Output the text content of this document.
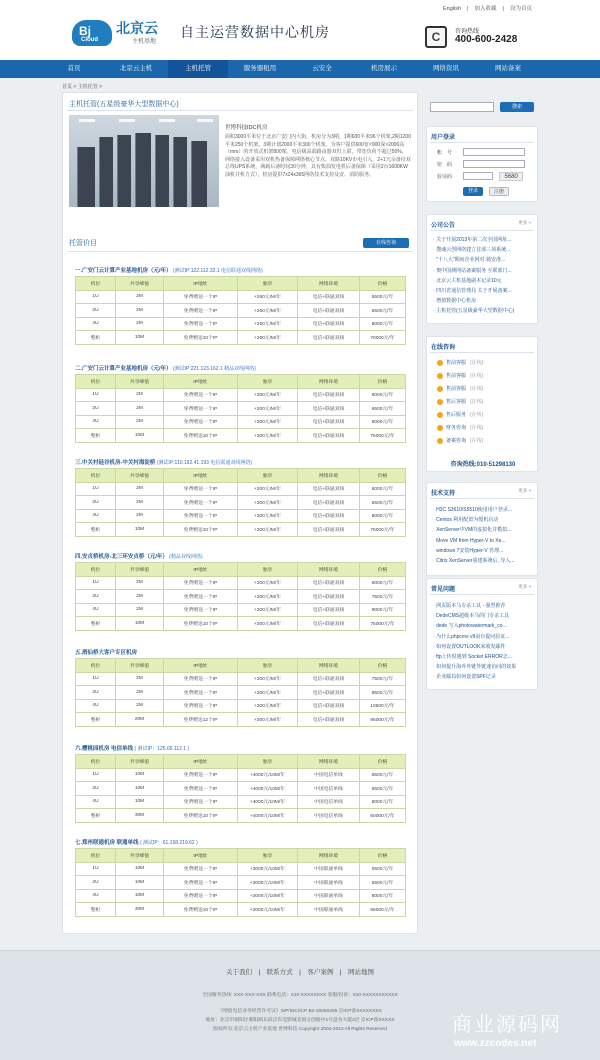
Bj
Cloud
北京云
主机基地
自主运营数据中心机房
English | 加入收藏 | 设为首页
C	咨询热线
400-600-2428
首页	北京云主机	主机托管	服务器租用	云安全	机房展示	网络资讯	网站备案
首页 > 主机托管 >
主机托管(五星级豪华大型数据中心)
世博科技IDC机房
面积3000平米位于北京广安门内大街。机房分为3期，1期600平米96个机架,2期1200平米250个机架，3期计划2000平米300个机架。为客户提供600宽×900深×2000高（mm）的开放式机架800架。电信级高端路由器双归上联，带宽负荷不超过50%，网络接入设备采用双机热备保障网络核心节点。双路10KV市电引入，2+1冗余备份双总线UPS系统，满载后备时间30分钟。具有柴油发电机后备保障（采用2台1600KW油机并机方式），机房提供7x24x365网络技术支持及安、消防服务。
托管价目	在线咨询
一.广安门云计算产业基地机房（元/年） (测试IP:122.112.32.1 电信联通双线网络)
机位	共享峰值	IP地址	独享	网络环境	价格
1U	2M	免费赠送一个IP	+260元/M/年	电信+联通双线	5500元/年
2U	2M	免费赠送一个IP	+260元/M/年	电信+联通双线	6500元/年
4U	2M	免费赠送一个IP	+260元/M/年	电信+联通双线	8000元/年
整柜	10M	免费赠送10个IP	+260元/M/年	电信+联通双线	70000元/年
二.广安门云计算产业基地机房（元/年） (测试IP:221.123.162.1 精品双线网络)
机位	共享峰值	IP地址	独享	网络环境	价格
1U	2M	免费赠送一个IP	+300元/M/年	电信+联通双线	6000元/年
2U	2M	免费赠送一个IP	+300元/M/年	电信+联通双线	6500元/年
4U	2M	免费赠送一个IP	+300元/M/年	电信+联通双线	8000元/年
整柜	10M	免费赠送10个IP	+300元/M/年	电信+联通双线	75000元/年
三.中关村硅谷机房-中关村海淀桥 (测试IP:110.192.41.193 电信联通双线网络)
机位	共享峰值	IP地址	独享	网络环境	价格
1U	2M	免费赠送一个IP	+300元/M/年	电信+联通双线	6000元/年
2U	2M	免费赠送一个IP	+300元/M/年	电信+联通双线	6500元/年
4U	2M	免费赠送一个IP	+300元/M/年	电信+联通双线	8000元/年
整柜	10M	免费赠送10个IP	+300元/M/年	电信+联通双线	75000元/年
四.安贞桥机房-北三环安贞桥（元/年） (精品双线网络)
机位	共享峰值	IP地址	独享	网络环境	价格
1U	2M	免费赠送一个IP	+300元/M/年	电信+联通双线	6000元/年
2U	2M	免费赠送一个IP	+300元/M/年	电信+联通双线	7500元/年
4U	2M	免费赠送一个IP	+300元/M/年	电信+联通双线	9000元/年
整柜	10M	免费赠送10个IP	+300元/M/年	电信+联通双线	75000元/年
五.酒仙桥大客户专区机房
机位	共享峰值	IP地址	独享	网络环境	价格
1U	2M	免费赠送一个IP	+300元/M/年	电信+联通双线	7500元/年
2U	2M	免费赠送一个IP	+300元/M/年	电信+联通双线	8500元/年
4U	2M	免费赠送一个IP	+300元/M/年	电信+联通双线	10500元/年
整柜	20M	免费赠送12个IP	+300元/M/年	电信+联通双线	95000元/年
六.樱桃园机房 电信单线 ( 测试IP：125.65.112.1 )
机位	共享峰值	IP地址	独享	网络环境	价格
1U	10M	免费赠送一个IP	+4000元/10M/年	中国电信单线	5500元/年
2U	10M	免费赠送一个IP	+4000元/10M/年	中国电信单线	6500元/年
4U	10M	免费赠送一个IP	+4000元/10M/年	中国电信单线	8000元/年
整柜	30M	免费赠送10个IP	+4000元/10M/年	中国电信单线	60000元/年
七.郑州联通机房 联通单线 ( 测试IP：61.158.219.62 )
机位	共享峰值	IP地址	独享	网络环境	价格
1U	10M	免费赠送一个IP	+3000元/10M/年	中国联通单线	5500元/年
2U	10M	免费赠送一个IP	+3000元/10M/年	中国联通单线	6500元/年
4U	10M	免费赠送一个IP	+3000元/10M/年	中国联通单线	8000元/年
整柜	30M	免费赠送10个IP	+3000元/10M/年	中国联通单线	65000元/年
搜索
用户登录
帐　号
密　码
验证码	5680
登录	注册
公司公告
更多 »
· 关于开展2013年第二次全国网址...
· 搜魂云创网络建立首部三项系统...
· "十八大"期间企业网对 骑安准...
· 奥中国测网站备案服务 互联部门...
· 北京云主机基地副本记录10元
· 四川省通信管理局 关于开展备案...
· 增值数据中心机房
· 主机托管(五星级豪华大型数据中心)
在线咨询
售前客服 (在线)
售前客服 (在线)
售前客服 (在线)
售后客服 (在线)
售后服务 (在线)
财务咨询 (在线)
备案咨询 (在线)
咨询热线:010-51298130
技术支持
更多 »
· H3C S3610/S5510使用用户登录...
· Centos 利用配置为缓机启动
· XenServer中VM的虚拟化并模拟...
· Move VM from Hyper-V to Xe...
· windows 7安装Hyper-V 管理...
· Citrix XenServer重建系统后, 导入...
常见问题
更多 »
· 网页版本马专杀工具 - 强烈推荐
· DedeCMS超级本马的门专杀工具
· dede 写入photowatermark_co...
· 为什么phpcms v9前台提问验证...
· 如何设置OUTLOOK来收发邮件
· ftp上传时遇到 Socket ERROR怎...
· 如何提升海外外链外链速访问的效果
· 企业邮局如何设置SPF记录
关于我们　|　联系方式　|　客户案例　|　网站地图
全国服务热线: XXX-XXX-XXX 联系电话：010-XXXXXXXX 客服/投诉：010-XXXXXXXXXXX
《增值电信业务经营许可证》ISP/IDC/ICP B2-20050205 京ICP备XXXXXXXX
地址：北京市朝阳区朝阳路东段京东电影城美国文创路中1号盘谷大厦2层 京ICP备XXXXX
版权所有:北京云主机产业基地 世博科技 Copyright 2004-2013 All Rights Reserved	商业源码网
www.zzcodes.net
